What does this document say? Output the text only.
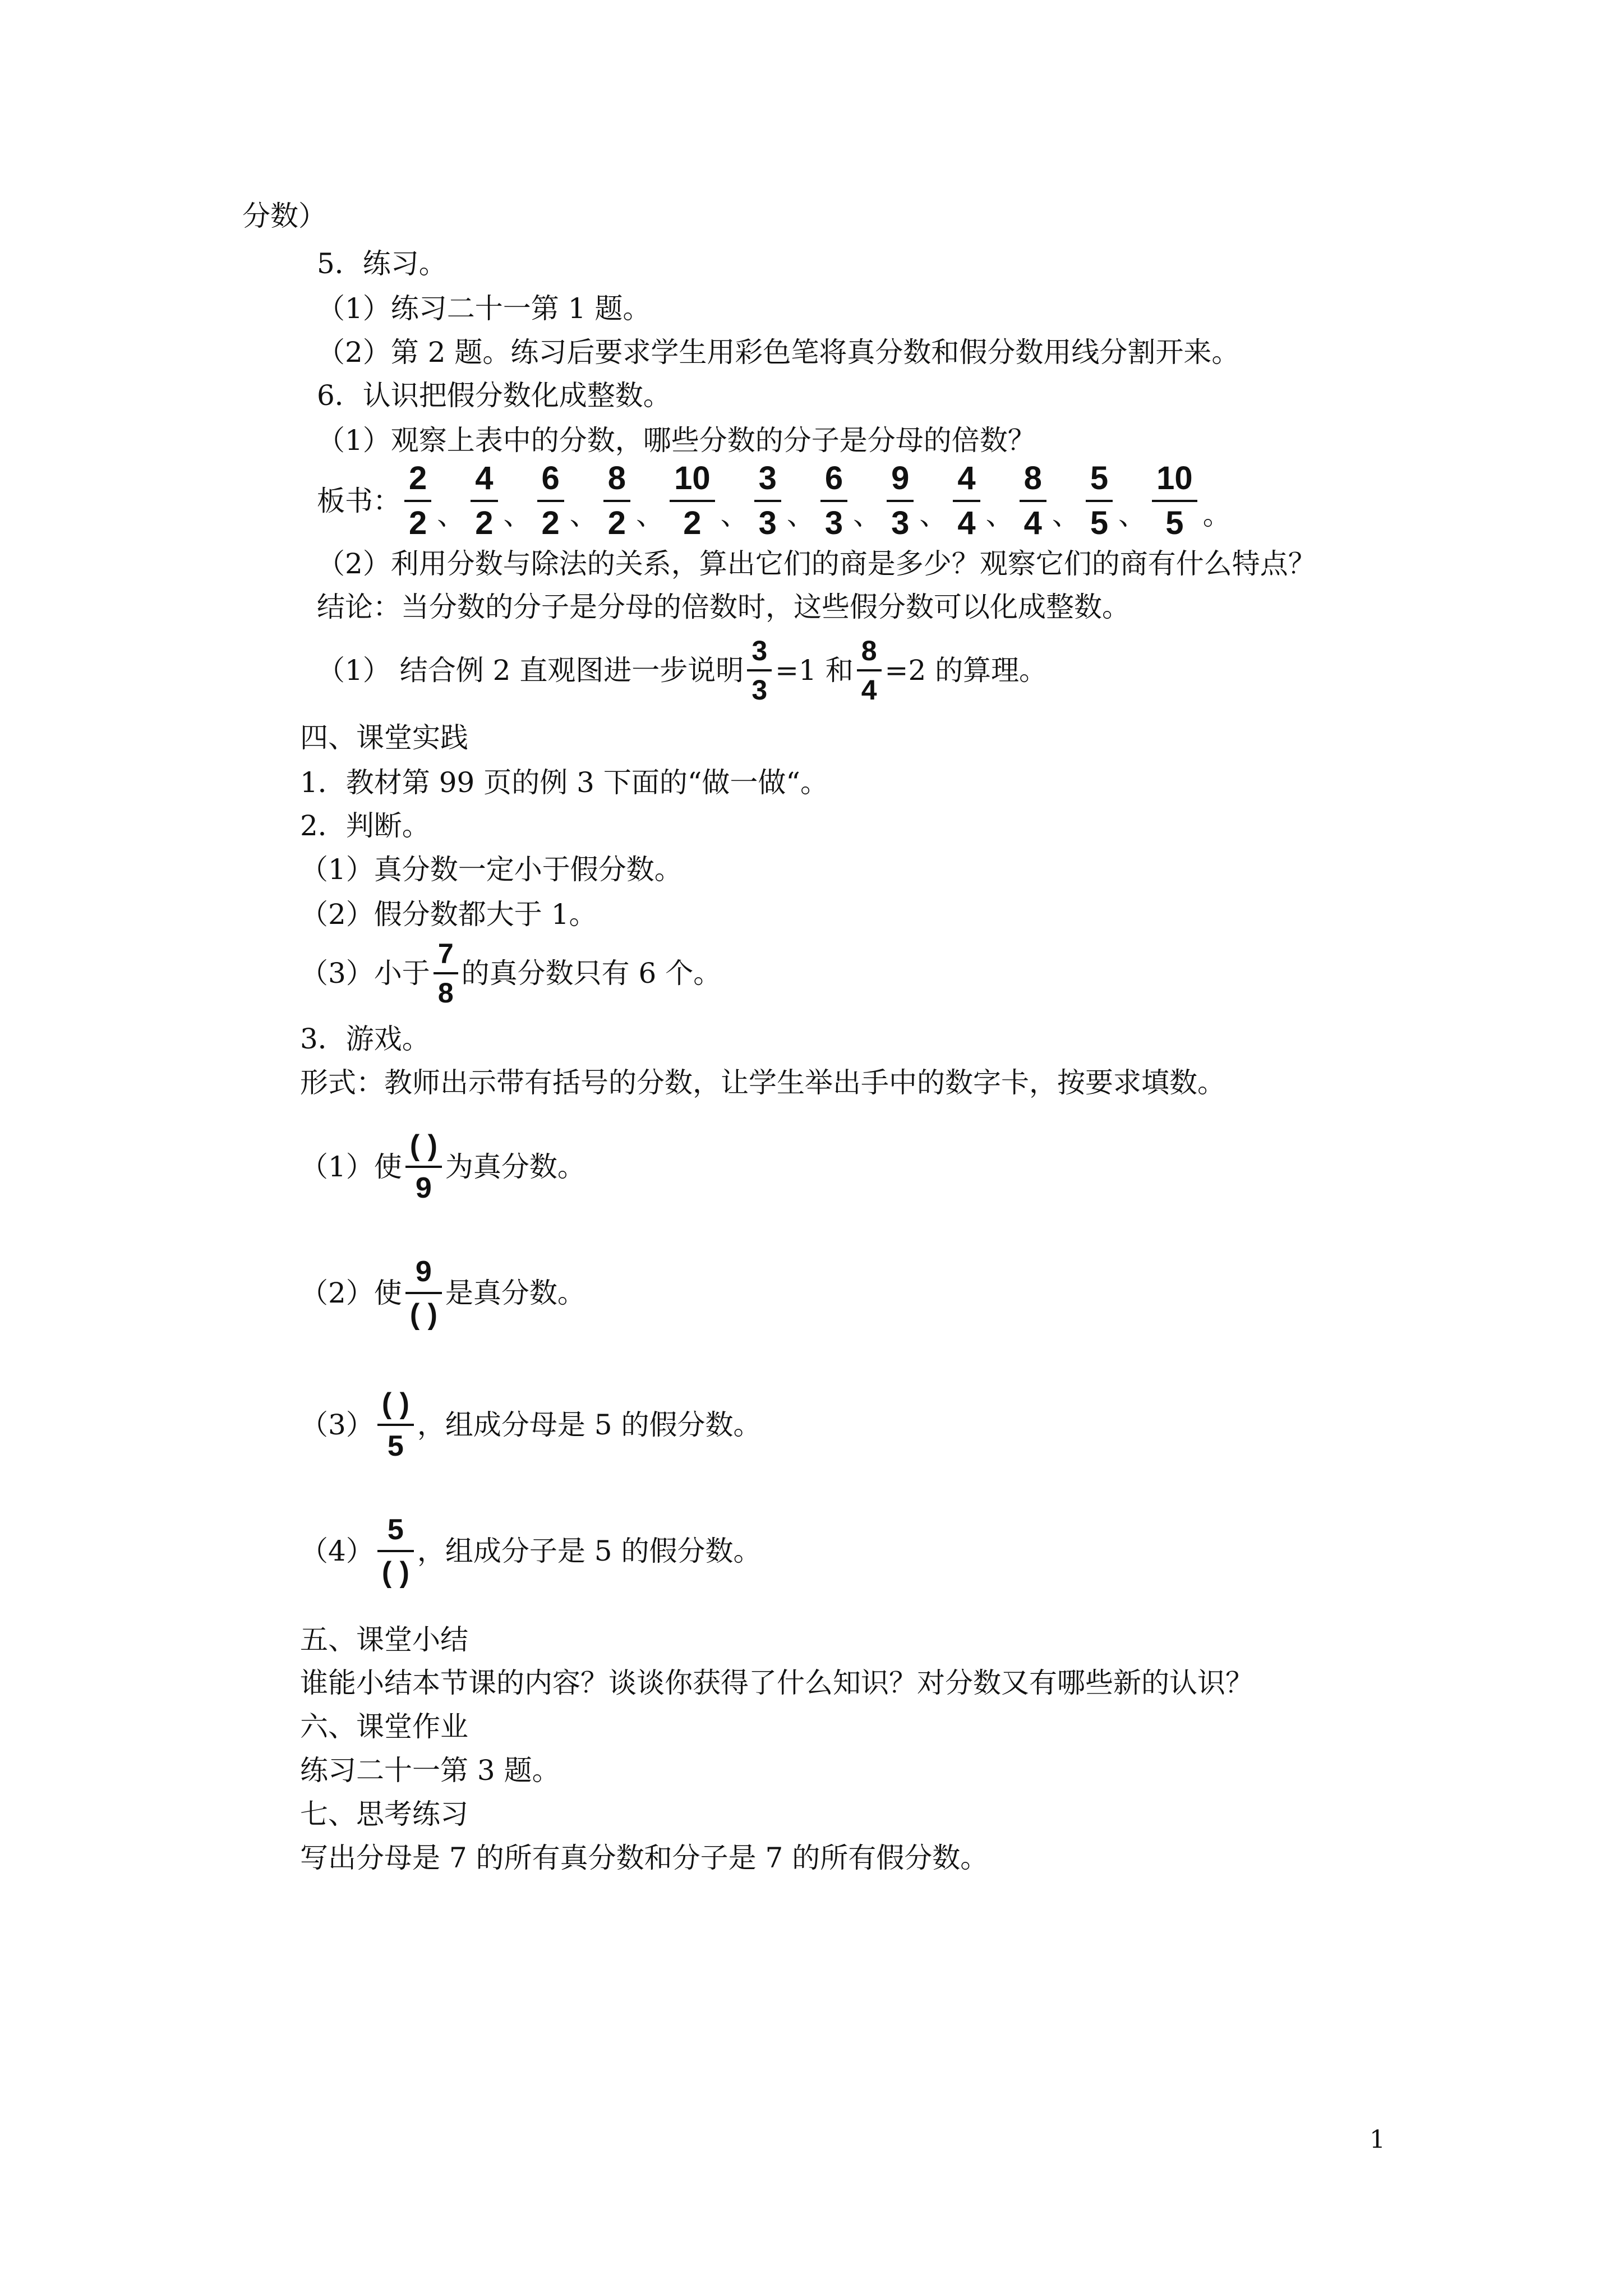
分数）
5．练习。
（1）练习二十一第 1 题。
（2）第 2 题。练习后要求学生用彩色笔将真分数和假分数用线分割开来。
6．认识把假分数化成整数。
（1）观察上表中的分数，哪些分数的分子是分母的倍数？
板书： $\frac{2}{2}$ 、 $\frac{4}{2}$ 、 $\frac{6}{2}$ 、 $\frac{8}{2}$ 、 $\frac{10}{2}$ 、 $\frac{3}{3}$ 、 $\frac{6}{3}$ 、 $\frac{9}{3}$ 、 $\frac{4}{4}$ 、 $\frac{8}{4}$ 、 $\frac{5}{5}$ 、 $\frac{10}{5}$ 。
（2）利用分数与除法的关系，算出它们的商是多少？观察它们的商有什么特点？
结论：当分数的分子是分母的倍数时，这些假分数可以化成整数。
（1） 结合例 2 直观图进一步说明 $\frac{3}{3} =1$ 和 $\frac{8}{4} =2$ 的算理。
四、课堂实践
1．教材第 99 页的例 3 下面的“做一做“。
2．判断。
（1）真分数一定小于假分数。
（2）假分数都大于 1。
（3）小于 $\frac{7}{8}$ 的真分数只有 6 个。
3．游戏。
形式：教师出示带有括号的分数，让学生举出手中的数字卡，按要求填数。
（1）使 $\frac{( )}{9}$ 为真分数。
（2）使 $\frac{9}{( )}$ 是真分数。
$(3) \frac{( )}{5}$ ，组成分母是 5 的假分数。
$(4) \frac{5}{( )}$ ，组成分子是 5 的假分数。
五、课堂小结
谁能小结本节课的内容？谈谈你获得了什么知识？对分数又有哪些新的认识？
六、课堂作业
练习二十一第 3 题。
七、思考练习
写出分母是 7 的所有真分数和分子是 7 的所有假分数。
1
